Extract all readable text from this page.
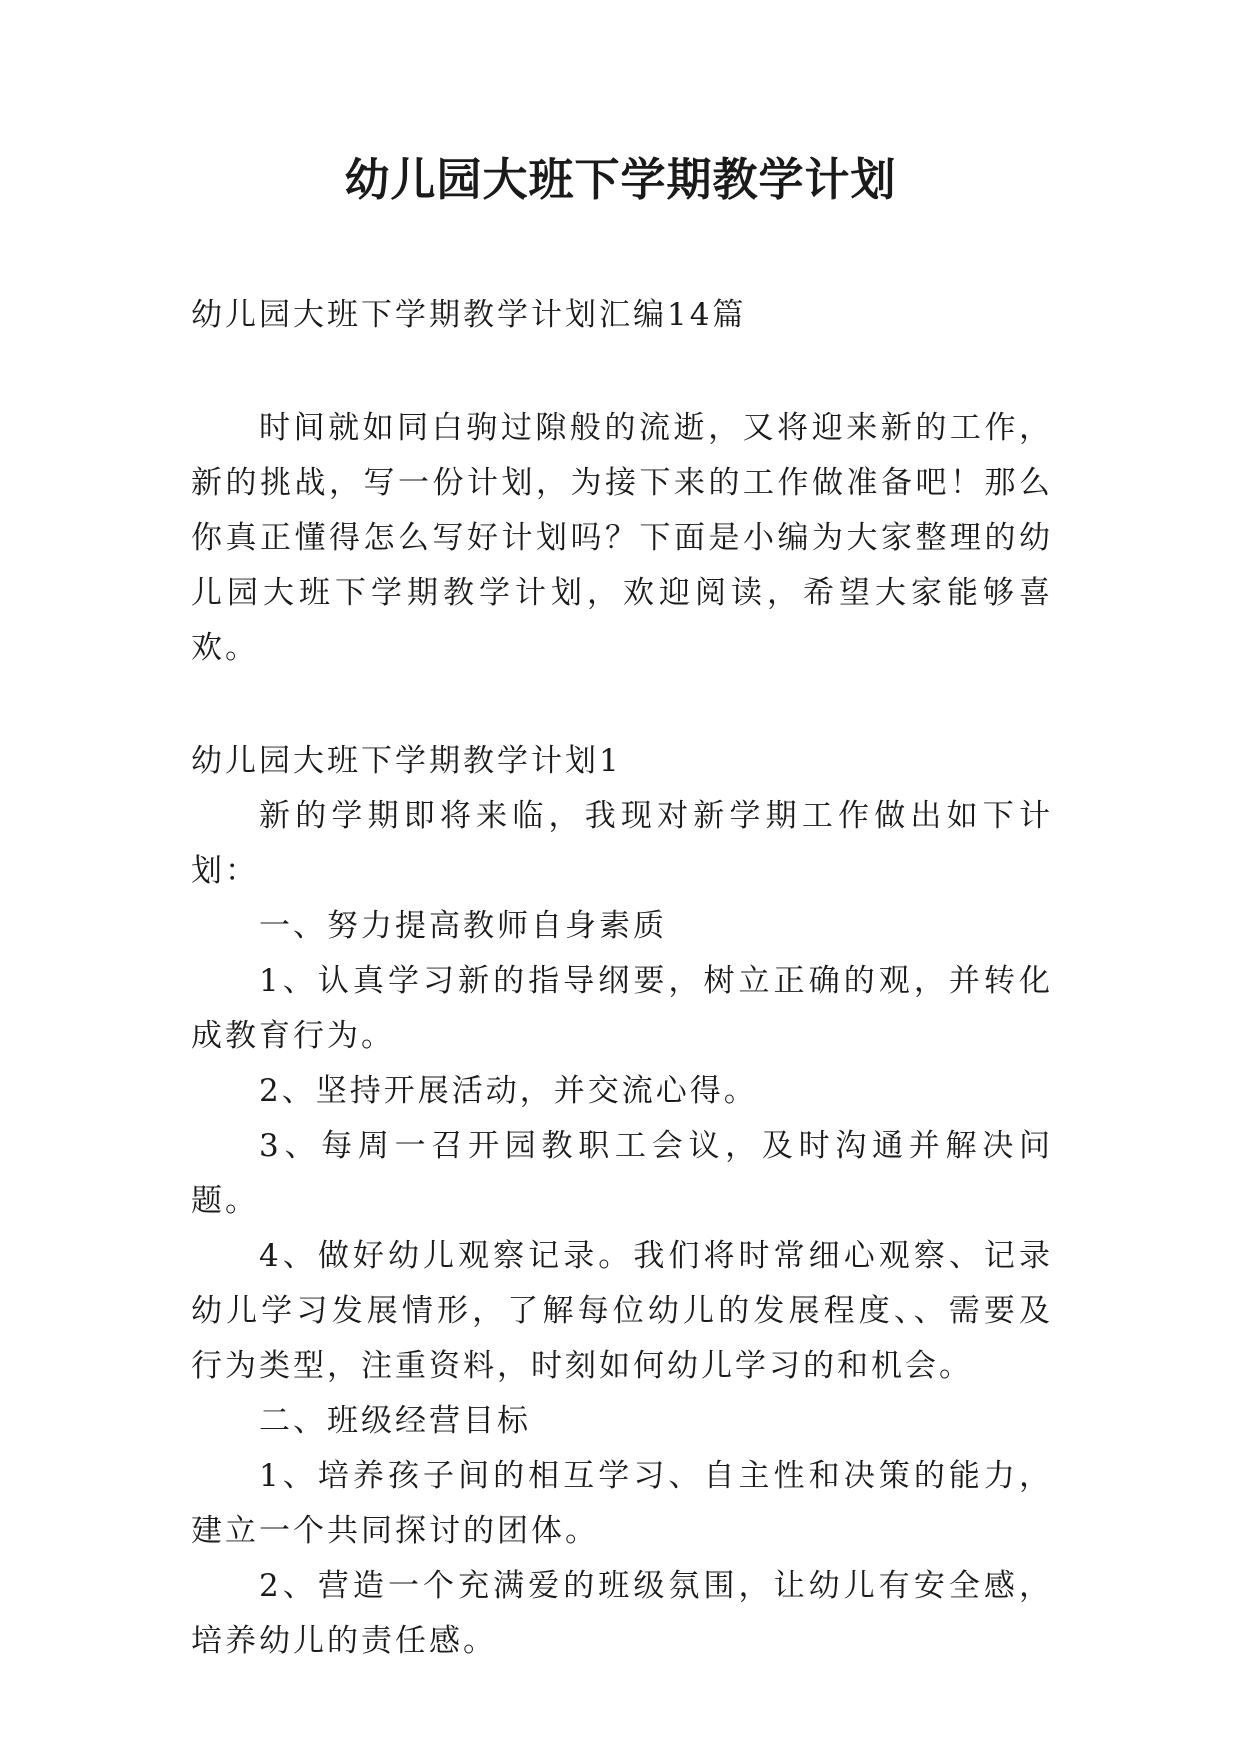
幼儿园大班下学期教学计划

幼儿园大班下学期教学计划汇编14篇

时间就如同白驹过隙般的流逝，又将迎来新的工作，新的挑战，写一份计划，为接下来的工作做准备吧！那么你真正懂得怎么写好计划吗？下面是小编为大家整理的幼儿园大班下学期教学计划，欢迎阅读，希望大家能够喜欢。

幼儿园大班下学期教学计划1

新的学期即将来临，我现对新学期工作做出如下计划：

一、努力提高教师自身素质

1、认真学习新的指导纲要，树立正确的观，并转化成教育行为。

2、坚持开展活动，并交流心得。

3、每周一召开园教职工会议，及时沟通并解决问题。

4、做好幼儿观察记录。我们将时常细心观察、记录幼儿学习发展情形，了解每位幼儿的发展程度、、需要及行为类型，注重资料，时刻如何幼儿学习的和机会。

二、班级经营目标

1、培养孩子间的相互学习、自主性和决策的能力，建立一个共同探讨的团体。

2、营造一个充满爱的班级氛围，让幼儿有安全感，培养幼儿的责任感。
